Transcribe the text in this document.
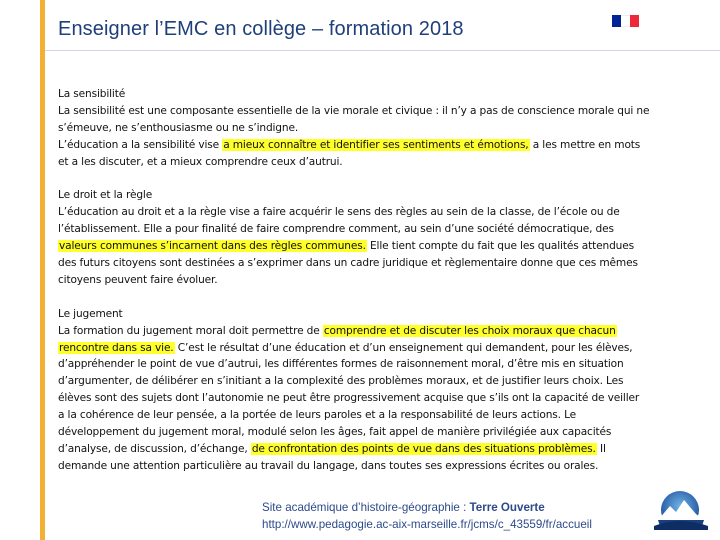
Enseigner l’EMC en collège – formation 2018

La sensibilité

La sensibilité est une composante essentielle de la vie morale et civique : il n’y a pas de conscience morale qui ne

s’émeuve, ne s’enthousiasme ou ne s’indigne.

L’éducation a la sensibilité vise a mieux connaître et identifier ses sentiments et émotions, a les mettre en mots

et a les discuter, et a mieux comprendre ceux d’autrui.

Le droit et la règle

L’éducation au droit et a la règle vise a faire acquérir le sens des règles au sein de la classe, de l’école ou de

l’établissement. Elle a pour finalité de faire comprendre comment, au sein d’une société démocratique, des

valeurs communes s’incarnent dans des règles communes. Elle tient compte du fait que les qualités attendues

des futurs citoyens sont destinées a s’exprimer dans un cadre juridique et règlementaire donne que ces mêmes

citoyens peuvent faire évoluer.

Le jugement

La formation du jugement moral doit permettre de comprendre et de discuter les choix moraux que chacun

rencontre dans sa vie. C’est le résultat d’une éducation et d’un enseignement qui demandent, pour les élèves,

d’appréhender le point de vue d’autrui, les différentes formes de raisonnement moral, d’être mis en situation

d’argumenter, de délibérer en s’initiant a la complexité des problèmes moraux, et de justifier leurs choix. Les

élèves sont des sujets dont l’autonomie ne peut être progressivement acquise que s’ils ont la capacité de veiller

a la cohérence de leur pensée, a la portée de leurs paroles et a la responsabilité de leurs actions. Le

développement du jugement moral, modulé selon les âges, fait appel de manière privilégiée aux capacités

d’analyse, de discussion, d’échange, de confrontation des points de vue dans des situations problèmes. Il

demande une attention particulière au travail du langage, dans toutes ses expressions écrites ou orales.

Site académique d’histoire-géographie : Terre Ouverte
http://www.pedagogie.ac-aix-marseille.fr/jcms/c_43559/fr/accueil
